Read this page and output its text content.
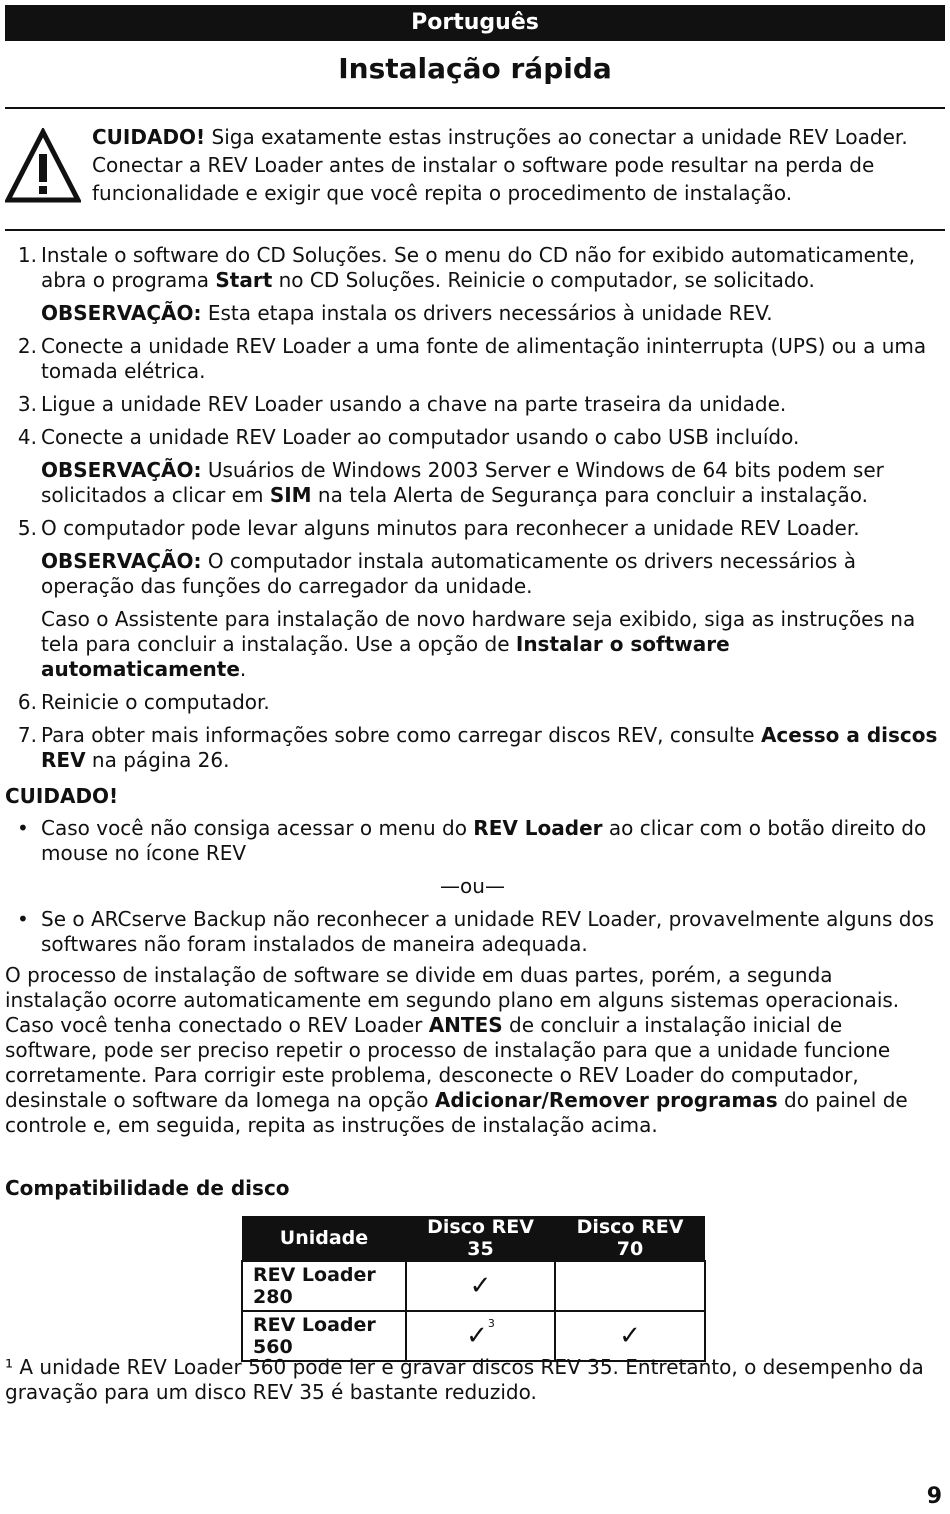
Português
Instalação rápida
CUIDADO! Siga exatamente estas instruções ao conectar a unidade REV Loader. Conectar a REV Loader antes de instalar o software pode resultar na perda de funcionalidade e exigir que você repita o procedimento de instalação.
1. Instale o software do CD Soluções. Se o menu do CD não for exibido automaticamente, abra o programa Start no CD Soluções. Reinicie o computador, se solicitado.
OBSERVAÇÃO: Esta etapa instala os drivers necessários à unidade REV.
2. Conecte a unidade REV Loader a uma fonte de alimentação ininterrupta (UPS) ou a uma tomada elétrica.
3. Ligue a unidade REV Loader usando a chave na parte traseira da unidade.
4. Conecte a unidade REV Loader ao computador usando o cabo USB incluído.
OBSERVAÇÃO: Usuários de Windows 2003 Server e Windows de 64 bits podem ser solicitados a clicar em SIM na tela Alerta de Segurança para concluir a instalação.
5. O computador pode levar alguns minutos para reconhecer a unidade REV Loader.
OBSERVAÇÃO: O computador instala automaticamente os drivers necessários à operação das funções do carregador da unidade.
Caso o Assistente para instalação de novo hardware seja exibido, siga as instruções na tela para concluir a instalação. Use a opção de Instalar o software automaticamente.
6. Reinicie o computador.
7. Para obter mais informações sobre como carregar discos REV, consulte Acesso a discos REV na página 26.
CUIDADO!
• Caso você não consiga acessar o menu do REV Loader ao clicar com o botão direito do mouse no ícone REV
—ou—
• Se o ARCserve Backup não reconhecer a unidade REV Loader, provavelmente alguns dos softwares não foram instalados de maneira adequada.
O processo de instalação de software se divide em duas partes, porém, a segunda instalação ocorre automaticamente em segundo plano em alguns sistemas operacionais. Caso você tenha conectado o REV Loader ANTES de concluir a instalação inicial de software, pode ser preciso repetir o processo de instalação para que a unidade funcione corretamente. Para corrigir este problema, desconecte o REV Loader do computador, desinstale o software da Iomega na opção Adicionar/Remover programas do painel de controle e, em seguida, repita as instruções de instalação acima.
Compatibilidade de disco
Unidade	Disco REV 35	Disco REV 70
REV Loader 280	✓	
REV Loader 560	✓$^3$	✓
¹ A unidade REV Loader 560 pode ler e gravar discos REV 35. Entretanto, o desempenho da gravação para um disco REV 35 é bastante reduzido.
9
